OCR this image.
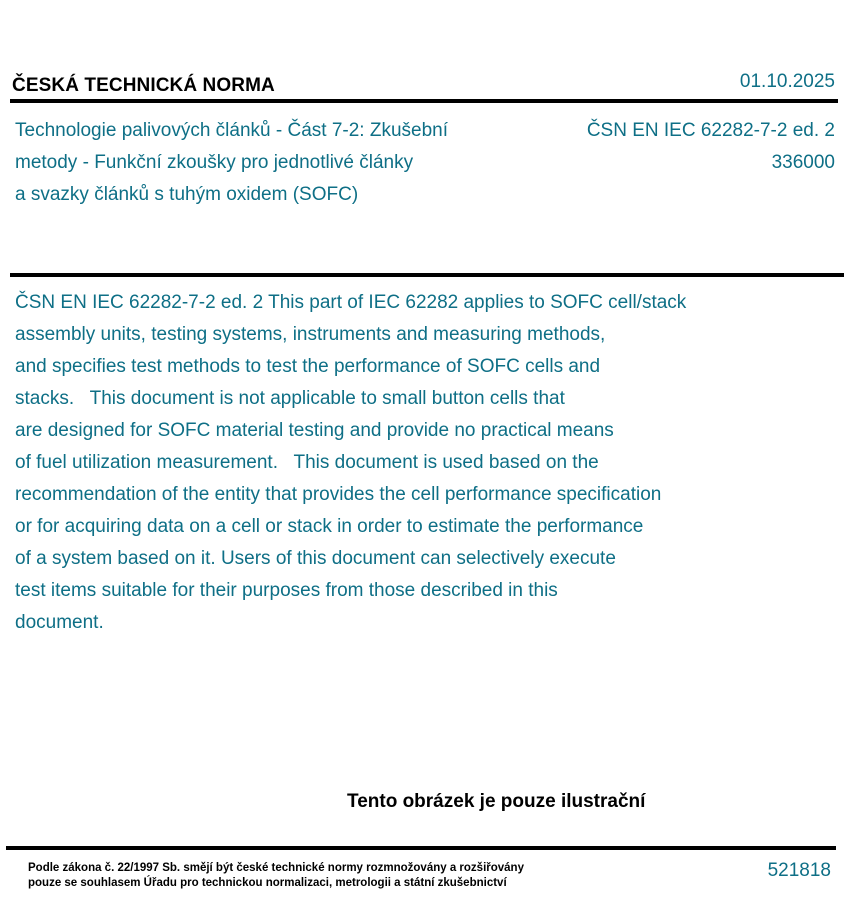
ČESKÁ TECHNICKÁ NORMA	01.10.2025
Technologie palivových článků - Část 7-2: Zkušební
metody - Funkční zkoušky pro jednotlivé články
a svazky článků s tuhým oxidem (SOFC)
ČSN EN IEC 62282-7-2 ed. 2
336000
ČSN EN IEC 62282-7-2 ed. 2 This part of IEC 62282 applies to SOFC cell/stack
assembly units, testing systems, instruments and measuring methods,
and specifies test methods to test the performance of SOFC cells and
stacks.   This document is not applicable to small button cells that
are designed for SOFC material testing and provide no practical means
of fuel utilization measurement.   This document is used based on the
recommendation of the entity that provides the cell performance specification
or for acquiring data on a cell or stack in order to estimate the performance
of a system based on it. Users of this document can selectively execute
test items suitable for their purposes from those described in this
document.
Tento obrázek je pouze ilustrační
Podle zákona č. 22/1997 Sb. smějí být české technické normy rozmnožovány a rozšiřovány
pouze se souhlasem Úřadu pro technickou normalizaci, metrologii a státní zkušebnictví
521818
